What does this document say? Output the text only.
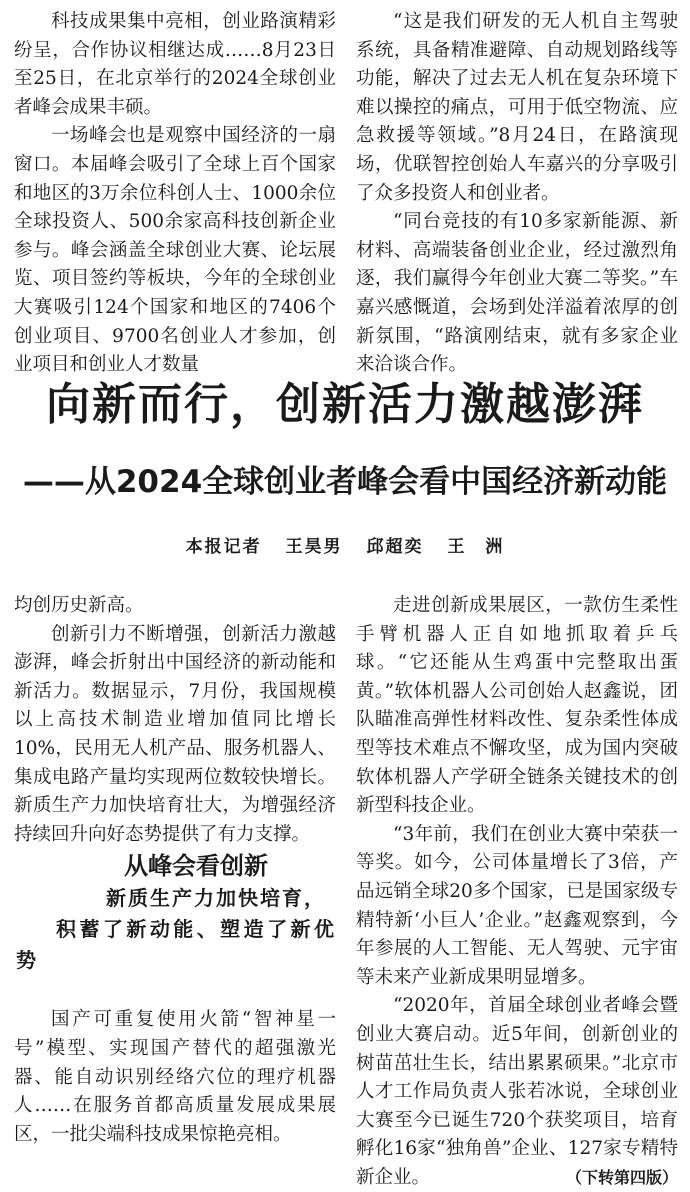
科技成果集中亮相，创业路演精彩纷呈，合作协议相继达成……8月23日至25日，在北京举行的2024全球创业者峰会成果丰硕。

一场峰会也是观察中国经济的一扇窗口。本届峰会吸引了全球上百个国家和地区的3万余位科创人士、1000余位全球投资人、500余家高科技创新企业参与。峰会涵盖全球创业大赛、论坛展览、项目签约等板块，今年的全球创业大赛吸引124个国家和地区的7406个创业项目、9700名创业人才参加，创业项目和创业人才数量

“这是我们研发的无人机自主驾驶系统，具备精准避障、自动规划路线等功能，解决了过去无人机在复杂环境下难以操控的痛点，可用于低空物流、应急救援等领域。”8月24日，在路演现场，优联智控创始人车嘉兴的分享吸引了众多投资人和创业者。

“同台竞技的有10多家新能源、新材料、高端装备创业企业，经过激烈角逐，我们赢得今年创业大赛二等奖。”车嘉兴感慨道，会场到处洋溢着浓厚的创新氛围，“路演刚结束，就有多家企业来洽谈合作。

向新而行，创新活力激越澎湃
——从2024全球创业者峰会看中国经济新动能
本报记者 王昊男 邱超奕 王　洲

均创历史新高。

创新引力不断增强，创新活力激越澎湃，峰会折射出中国经济的新动能和新活力。数据显示，7月份，我国规模以上高技术制造业增加值同比增长10%，民用无人机产品、服务机器人、集成电路产量均实现两位数较快增长。新质生产力加快培育壮大，为增强经济持续回升向好态势提供了有力支撑。

从峰会看创新

新质生产力加快培育，

积蓄了新动能、塑造了新优势

国产可重复使用火箭“智神星一号”模型、实现国产替代的超强激光器、能自动识别经络穴位的理疗机器人……在服务首都高质量发展成果展区，一批尖端科技成果惊艳亮相。

走进创新成果展区，一款仿生柔性手臂机器人正自如地抓取着乒乓球。“它还能从生鸡蛋中完整取出蛋黄。”软体机器人公司创始人赵鑫说，团队瞄准高弹性材料改性、复杂柔性体成型等技术难点不懈攻坚，成为国内突破软体机器人产学研全链条关键技术的创新型科技企业。

“3年前，我们在创业大赛中荣获一等奖。如今，公司体量增长了3倍，产品远销全球20多个国家，已是国家级专精特新‘小巨人’企业。”赵鑫观察到，今年参展的人工智能、无人驾驶、元宇宙等未来产业新成果明显增多。

“2020年，首届全球创业者峰会暨创业大赛启动。近5年间，创新创业的树苗茁壮生长，结出累累硕果。”北京市人才工作局负责人张若冰说，全球创业大赛至今已诞生720个获奖项目，培育孵化16家“独角兽”企业、127家专精特新企业。	（下转第四版）
